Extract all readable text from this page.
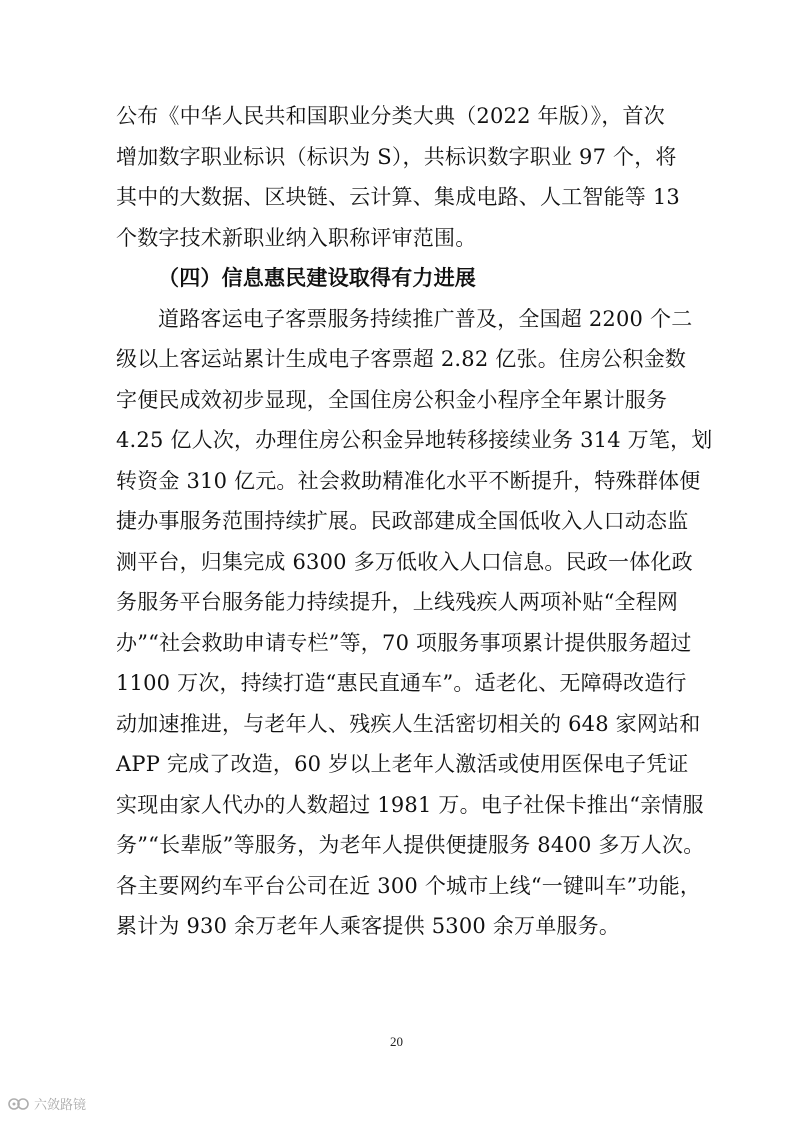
公布《中华人民共和国职业分类大典（2022 年版）》，首次
增加数字职业标识（标识为 S），共标识数字职业 97 个，将
其中的大数据、区块链、云计算、集成电路、人工智能等 13
个数字技术新职业纳入职称评审范围。
（四）信息惠民建设取得有力进展
道路客运电子客票服务持续推广普及，全国超 2200 个二
级以上客运站累计生成电子客票超 2.82 亿张。住房公积金数
字便民成效初步显现，全国住房公积金小程序全年累计服务
4.25 亿人次，办理住房公积金异地转移接续业务 314 万笔，划
转资金 310 亿元。社会救助精准化水平不断提升，特殊群体便
捷办事服务范围持续扩展。民政部建成全国低收入人口动态监
测平台，归集完成 6300 多万低收入人口信息。民政一体化政
务服务平台服务能力持续提升，上线残疾人两项补贴“全程网
办”“社会救助申请专栏”等，70 项服务事项累计提供服务超过
1100 万次，持续打造“惠民直通车”。适老化、无障碍改造行
动加速推进，与老年人、残疾人生活密切相关的 648 家网站和
APP 完成了改造，60 岁以上老年人激活或使用医保电子凭证
实现由家人代办的人数超过 1981 万。电子社保卡推出“亲情服
务”“长辈版”等服务，为老年人提供便捷服务 8400 多万人次。
各主要网约车平台公司在近 300 个城市上线“一键叫车”功能，
累计为 930 余万老年人乘客提供 5300 余万单服务。
20
六敛路镜
